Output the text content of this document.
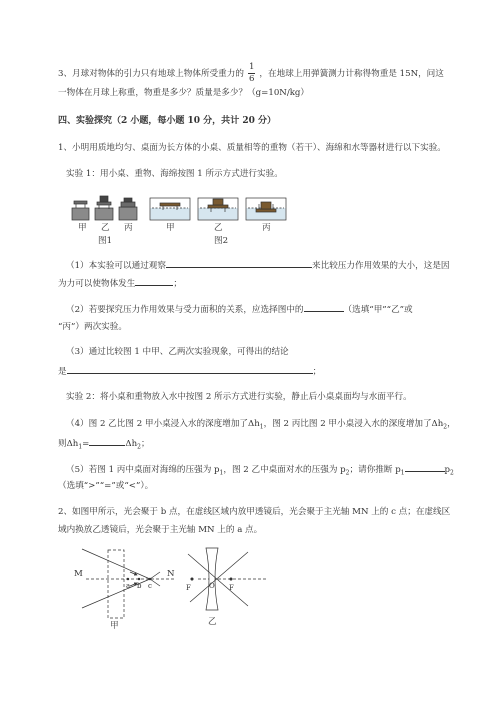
3、月球对物体的引力只有地球上物体所受重力的 $\frac{1}{6}$ ，在地球上用弹簧测力计称得物重是 15N，问这
一物体在月球上称重，物重是多少？质量是多少？（g=10N/kg）
四、实验探究（2 小题，每小题 10 分，共计 20 分）
1、小明用质地均匀、桌面为长方体的小桌、质量相等的重物（若干）、海绵和水等器材进行以下实验。
实验 1：用小桌、重物、海绵按图 1 所示方式进行实验。
甲 乙 丙
图1
甲	乙	丙
图2
（1）本实验可以通过观察	来比较压力作用效果的大小，这是因
为力可以使物体发生	；
（2）若要探究压力作用效果与受力面积的关系，应选择图中的	（选填“甲”“乙”或
“丙”）两次实验。
（3）通过比较图 1 中甲、乙两次实验现象，可得出的结论
是	；
实验 2：将小桌和重物放入水中按图 2 所示方式进行实验，静止后小桌桌面均与水面平行。
（4）图 2 乙比图 2 甲小桌浸入水的深度增加了$\Delta h_1$，图 2 丙比图 2 甲小桌浸入水的深度增加了$\Delta h_2$，
则$\Delta h_1=$	$\Delta h_2$；
（5）若图 1 丙中桌面对海绵的压强为 $p_1$，图 2 乙中桌面对水的压强为 $p_2$；请你推断 $p_1$	$p_2$
（选填“>”“=”或“<”）。
2、如图甲所示，光会聚于 b 点，在虚线区域内放甲透镜后，光会聚于主光轴 MN 上的 c 点；在虚线区
域内换放乙透镜后，光会聚于主光轴 MN 上的 a 点。
M	N
a b c
甲
F	O F
乙
